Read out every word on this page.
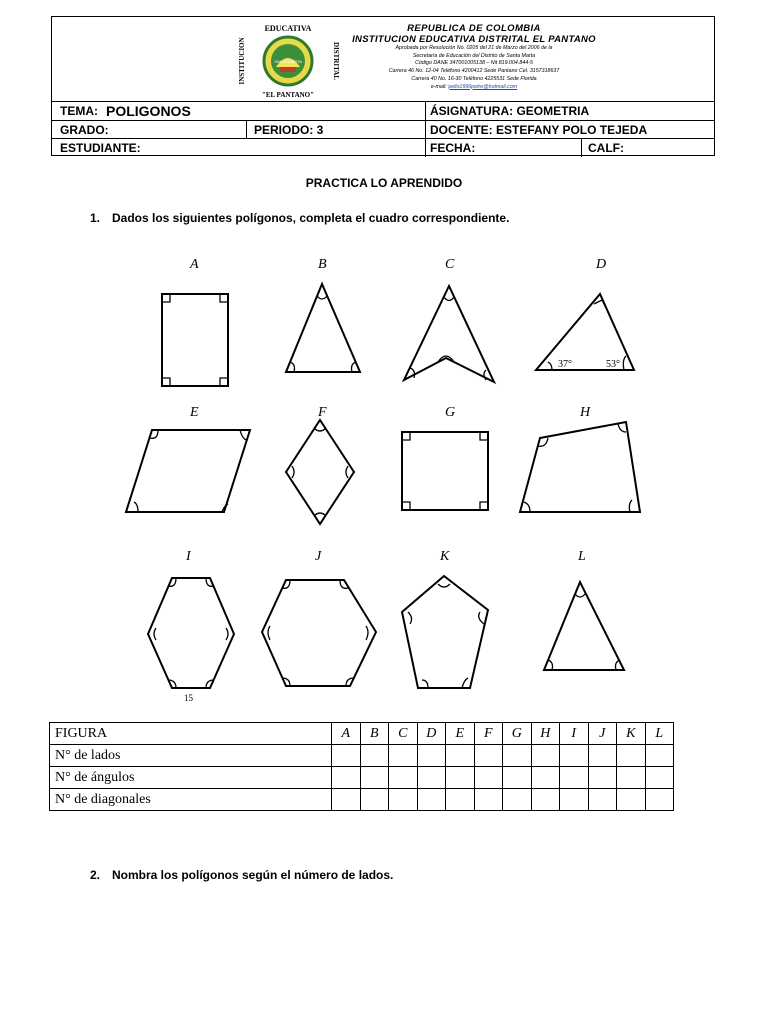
EDUCATIVA
"EL PANTANO"
SANTA MARTA
INSTITUCION	DISTRITAL
REPUBLICA DE COLOMBIA
INSTITUCION EDUCATIVA DISTRITAL EL PANTANO
Aprobada por Resolución No. 0205 del 21 de Marzo del 2006 de la
Secretaría de Educación del Distrito de Santa Marta
Código DANE 347001005138 – Nit 819.004.844-5
Carrera 46 No. 12-04 Teléfono 4200412 Sede Pantano Cel. 3157318637
Carrera 40 No. 16-30 Teléfono 4225531 Sede Florida
e-mail: pello1996petre@hotmail.com
TEMA: POLIGONOS	ÁSIGNATURA: GEOMETRIA
GRADO:	PERIODO: 3	DOCENTE: ESTEFANY POLO TEJEDA
ESTUDIANTE:	FECHA:	CALF:
PRACTICA LO APRENDIDO
1. Dados los siguientes polígonos, completa el cuadro correspondiente.
A	B	C	D
E	F	G	H
I	J	K	L
37°	53°
15
FIGURA	A	B	C	D	E	F	G	H	I	J	K	L
N° de lados												
N° de ángulos												
N° de diagonales												
2. Nombra los polígonos según el número de lados.
